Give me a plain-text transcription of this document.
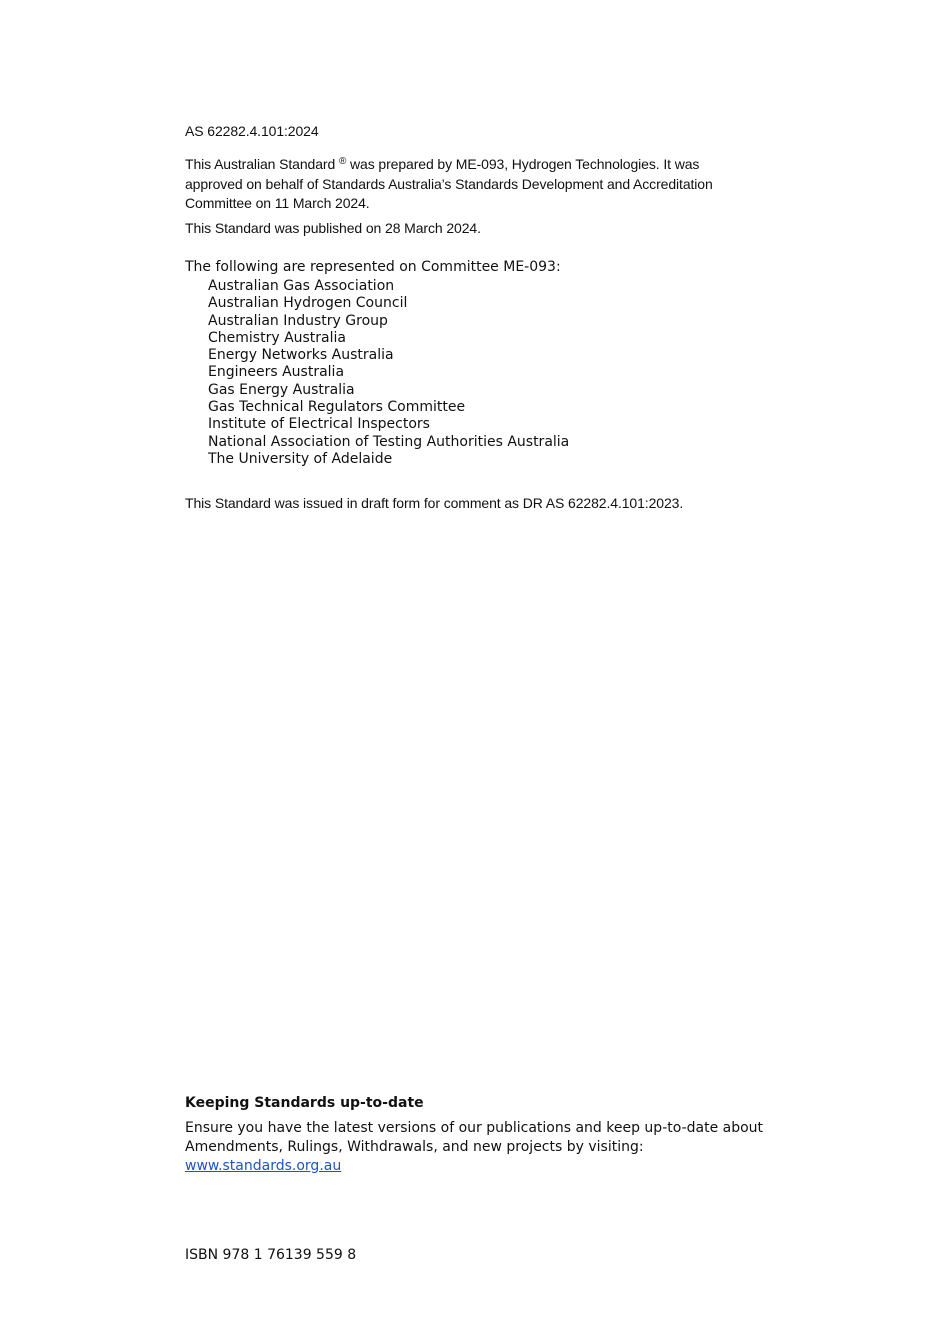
AS 62282.4.101:2024

This Australian Standard ® was prepared by ME-093, Hydrogen Technologies. It was approved on behalf of Standards Australia’s Standards Development and Accreditation Committee on 11 March 2024.

This Standard was published on 28 March 2024.

The following are represented on Committee ME-093:

Australian Gas Association
Australian Hydrogen Council
Australian Industry Group
Chemistry Australia
Energy Networks Australia
Engineers Australia
Gas Energy Australia
Gas Technical Regulators Committee
Institute of Electrical Inspectors
National Association of Testing Authorities Australia
The University of Adelaide

This Standard was issued in draft form for comment as DR AS 62282.4.101:2023.

Keeping Standards up-to-date

Ensure you have the latest versions of our publications and keep up-to-date about Amendments, Rulings, Withdrawals, and new projects by visiting:
www.standards.org.au

ISBN 978 1 76139 559 8
